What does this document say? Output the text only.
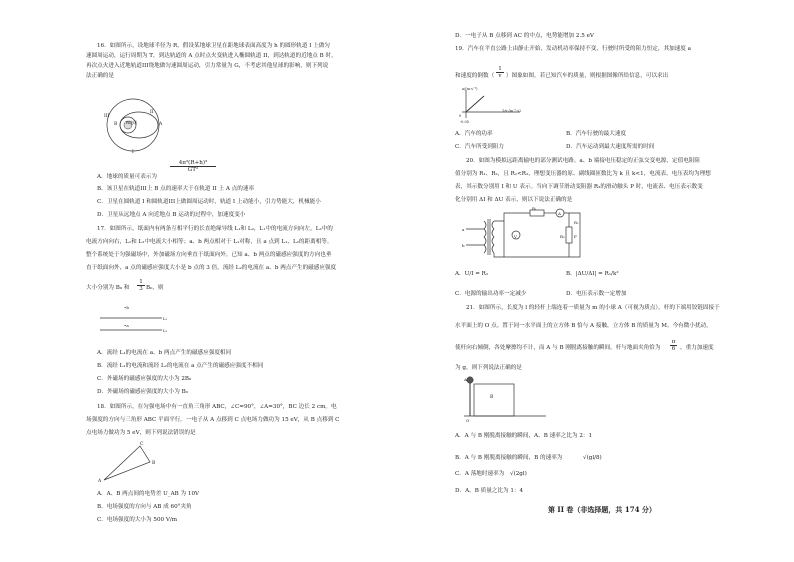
16．如图所示，设地球半径为 R，假设某地球卫星在距地球表面高度为 h 的圆形轨道 I 上做匀
速圆周运动，运行周期为 T，到达轨道的 A 点时点火变轨进入椭圆轨道 II，到达轨道的近地点 B 时，
再次点火进入近地轨道III绕地做匀速圆周运动，引力常量为 G，不考虑其他星球的影响，则下列说
法正确的是
R地球	A
B
I
II
III
A．地球的质量可表示为
$\frac{\text{4π²(R+h)³}}{\text{GT²}}$
B．该卫星在轨道III上 B 点的速率大于在轨道 II 上 A 点的速率
C．卫星在圆轨道 I 和圆轨道III上做圆周运动时，轨道 I 上动能小，引力势能大，机械能小
D．卫星从远地点 A 向近地点 B 运动的过程中，加速度变小
17．如图所示，纸面内有两条互相平行的长直绝缘导线 L₁和 L₂，L₁中的电流方向向左，L₂中的
电流方向向右，L₁和 L₂中电流大小相等；a、b 两点相对于 L₁对称，且 a 点到 L₁、L₂的距离相等。
整个系统处于匀强磁场中，外加磁场方向垂直于纸面向外。已知 a、b 两点的磁感应强度的方向也垂
直于纸面向外，a 点的磁感应强度大小是 b 点的 3 倍。流经 L₂的电流在 a、b 两点产生的磁感应强度
大小分别为 B₀ 和 $\frac{1}{3} B_0$，则
•b
•a
L₁
L₂
A．流经 L₁的电流在 a、b 两点产生的磁感应强度相同
B．流经 L₁的电流和流经 L₂的电流在 a 点产生的磁感应强度不相同
C．外磁场的磁感应强度的大小为 2B₀
D．外磁场的磁感应强度的大小为 B₀
18．如图所示，在匀强电场中有一直角三角形 ABC，∠C=90°，∠A=30°，BC 边长 2 cm。电
场强度的方向与三角形 ABC 平面平行。一电子从 A 点移到 C 点电场力做功为 15 eV，从 B 点移到 C
点电场力做功为 5 eV，则下列说法错误的是
A
C
B
A．A、B 两点间的电势差 U_AB 为 10V
B．电场强度的方向与 AB 成 60°夹角
C．电场强度的大小为 500 V/m
D．一电子从 B 点移到 AC 的中点，电势能增加 2.5 eV
19．汽车在平直公路上由静止开始，发动机功率保持不变，行驶时所受的阻力恒定，其加速度 a
和速度的倒数（ $\frac{1}{v}$ ）图象如图。若已知汽车的质量，则根据图像所给信息，可以求出
a/(m·s⁻²)
1/v (m⁻¹·s)
0
-0.05
A．汽车的功率	B．汽车行驶的最大速度
C．汽车所受到阻力	D．汽车运动到最大速度所需的时间
20．如图为模拟远距离输电的部分测试电路。a、b 端接电压稳定的正弦交变电源，定值电阻阻
值分别为 R₁、R₂，且 R₁<R₂，理想变压器的原、副线圈匝数比为 k 且 k<1，电流表、电压表均为理想
表，其示数分别用 I 和 U 表示。当向下调节滑动变阻器 R₃的滑动触头 P 时，电流表、电压表示数变
化分别用 ΔI 和 ΔU 表示，则以下说法正确的是
a
b
R₁
R₂
R₃ P
A
V
A．U/I = R₂	B．|ΔU/ΔI| = R₁/k²
C．电源的输出功率一定减少	D．电压表示数一定增加
21．如图所示，长度为 l 的轻杆上端连着一质量为 m 的小球 A（可视为质点），杆的下端用铰链固接于
水平面上的 O 点。置于同一水平面上的立方体 B 恰与 A 接触，立方体 B 的质量为 M。今有微小扰动，
使杆向右倾倒，各处摩擦均不计，而 A 与 B 刚脱离接触的瞬间，杆与地面夹角恰为 $\frac{\pi}{6}$ ，重力加速度
为 g，则下列说法正确的是
A
B
O
A．A 与 B 刚脱离接触的瞬间，A、B 速率之比为 2：1
B．A 与 B 刚脱离接触的瞬间，B 的速率为	√(gl/8)
C．A 落地时速率为 √(2gl)
D．A、B 质量之比为 1：4
第 II 卷（非选择题，共 174 分）
